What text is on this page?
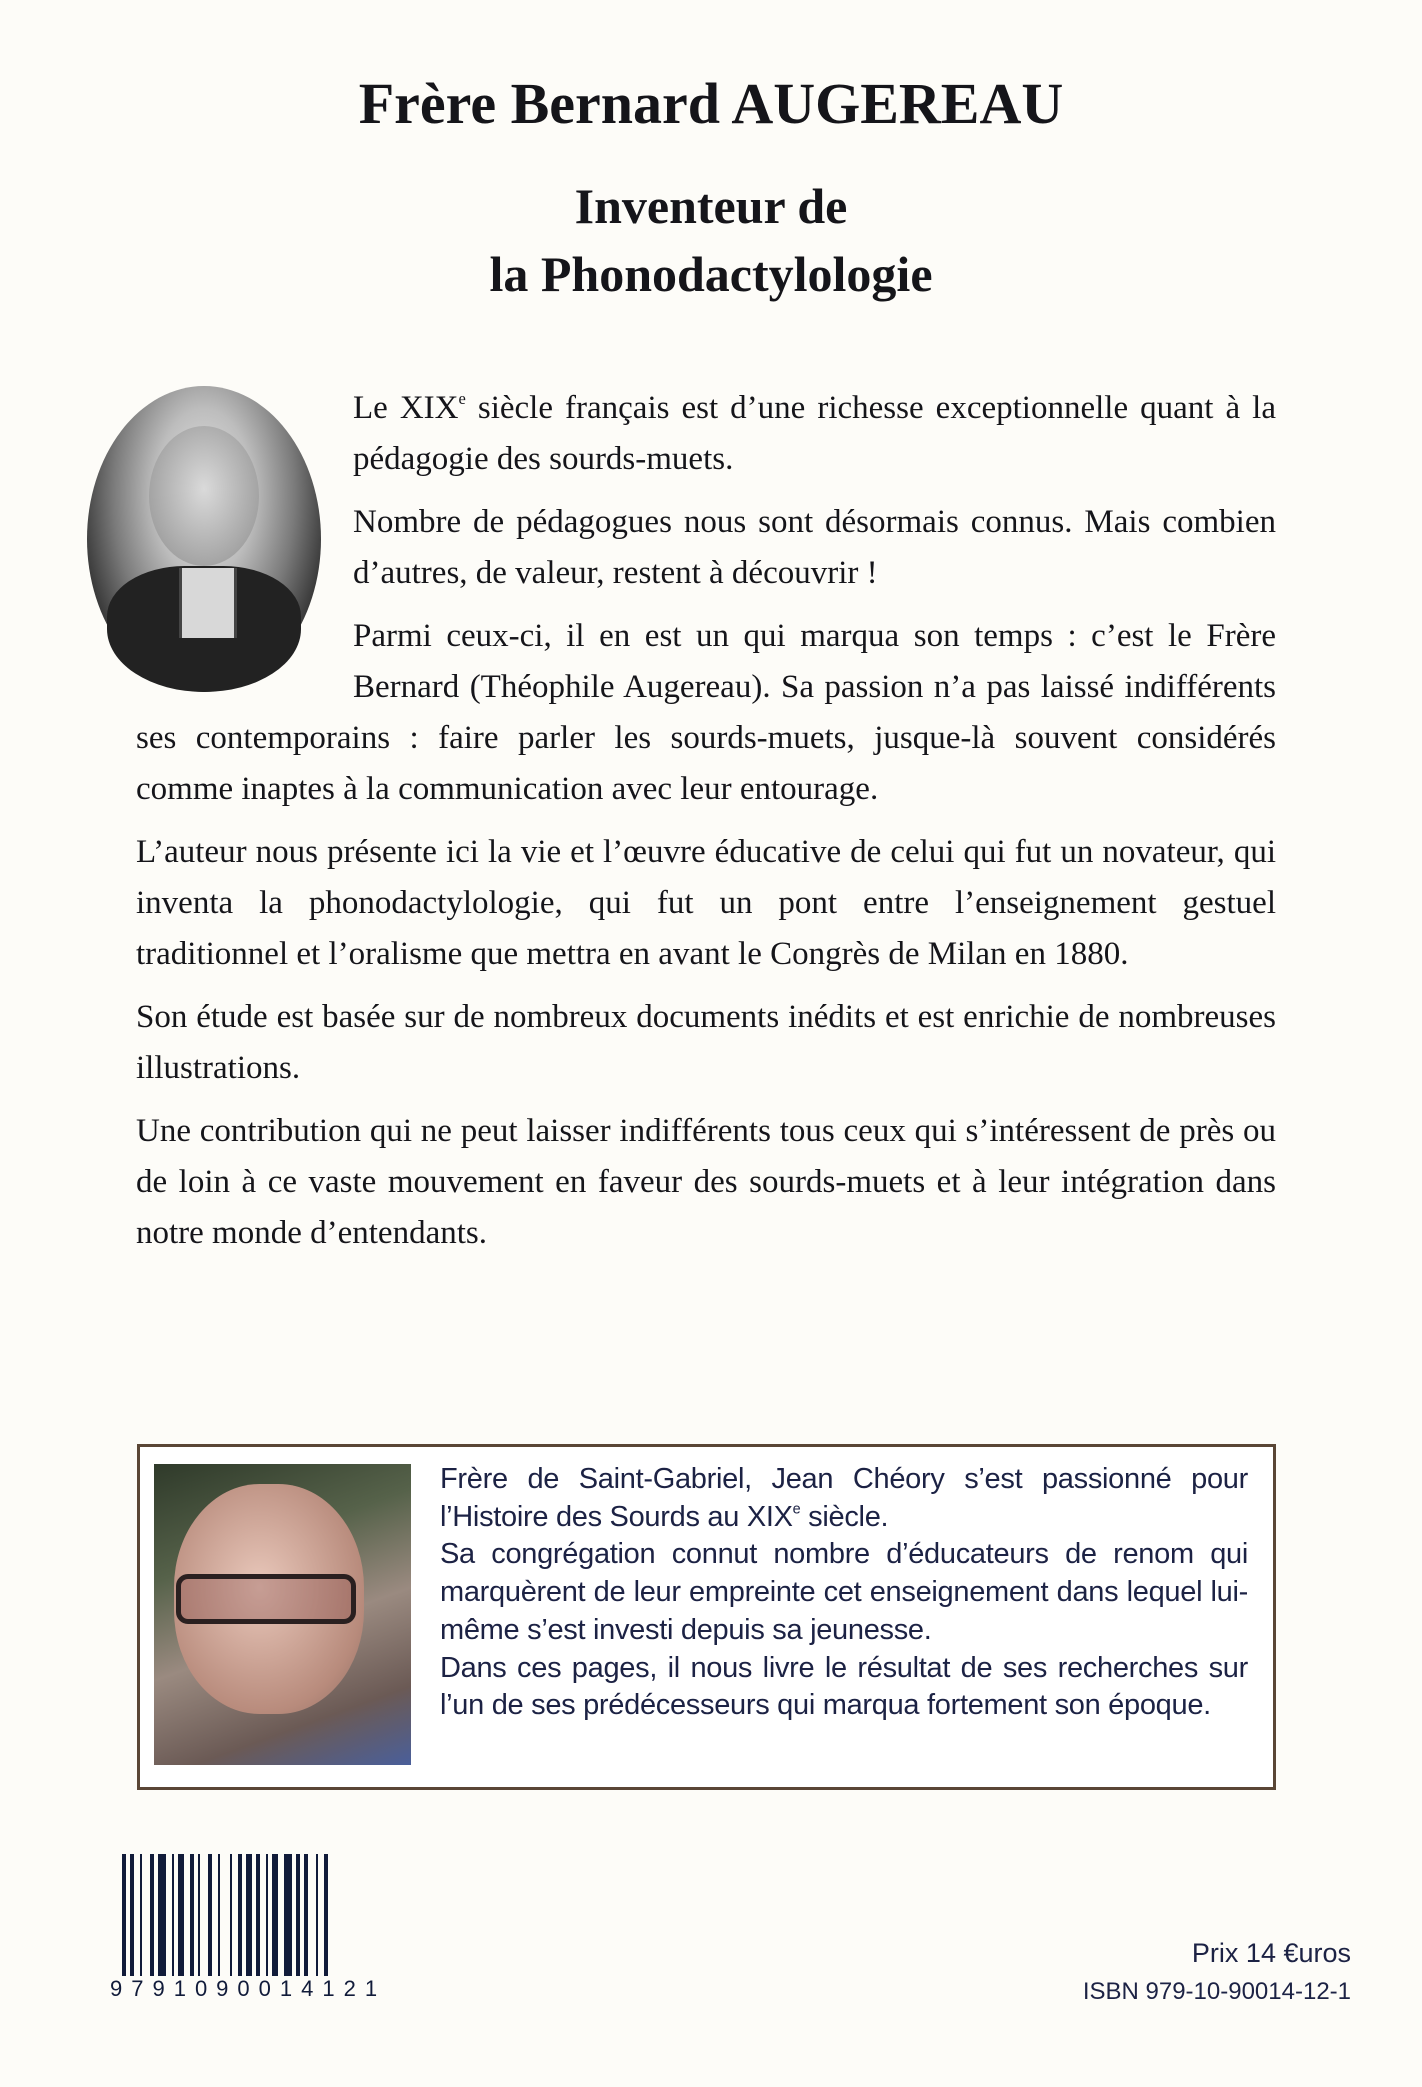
Frère Bernard AUGEREAU
Inventeur de
la Phonodactylologie

Le XIXe siècle français est d’une richesse exceptionnelle quant à la pédagogie des sourds-muets.

Nombre de pédagogues nous sont désormais connus. Mais combien d’autres, de valeur, restent à découvrir !

Parmi ceux-ci, il en est un qui marqua son temps : c’est le Frère Bernard (Théophile Augereau). Sa passion n’a pas laissé indifférents ses contemporains : faire parler les sourds-muets, jusque-là souvent considérés comme inaptes à la communication avec leur entourage.

L’auteur nous présente ici la vie et l’œuvre éducative de celui qui fut un novateur, qui inventa la phonodactylologie, qui fut un pont entre l’enseignement gestuel traditionnel et l’oralisme que mettra en avant le Congrès de Milan en 1880.

Son étude est basée sur de nombreux documents inédits et est enrichie de nombreuses illustrations.

Une contribution qui ne peut laisser indifférents tous ceux qui s’intéressent de près ou de loin à ce vaste mouvement en faveur des sourds-muets et à leur intégration dans notre monde d’entendants.

Frère de Saint-Gabriel, Jean Chéory s’est passionné pour l’Histoire des Sourds au XIXe siècle.

Sa congrégation connut nombre d’éducateurs de renom qui marquèrent de leur empreinte cet enseignement dans lequel lui-même s’est investi depuis sa jeunesse.

Dans ces pages, il nous livre le résultat de ses recherches sur l’un de ses prédécesseurs qui marqua fortement son époque.

9791090014121
Prix 14 €uros
ISBN 979-10-90014-12-1
